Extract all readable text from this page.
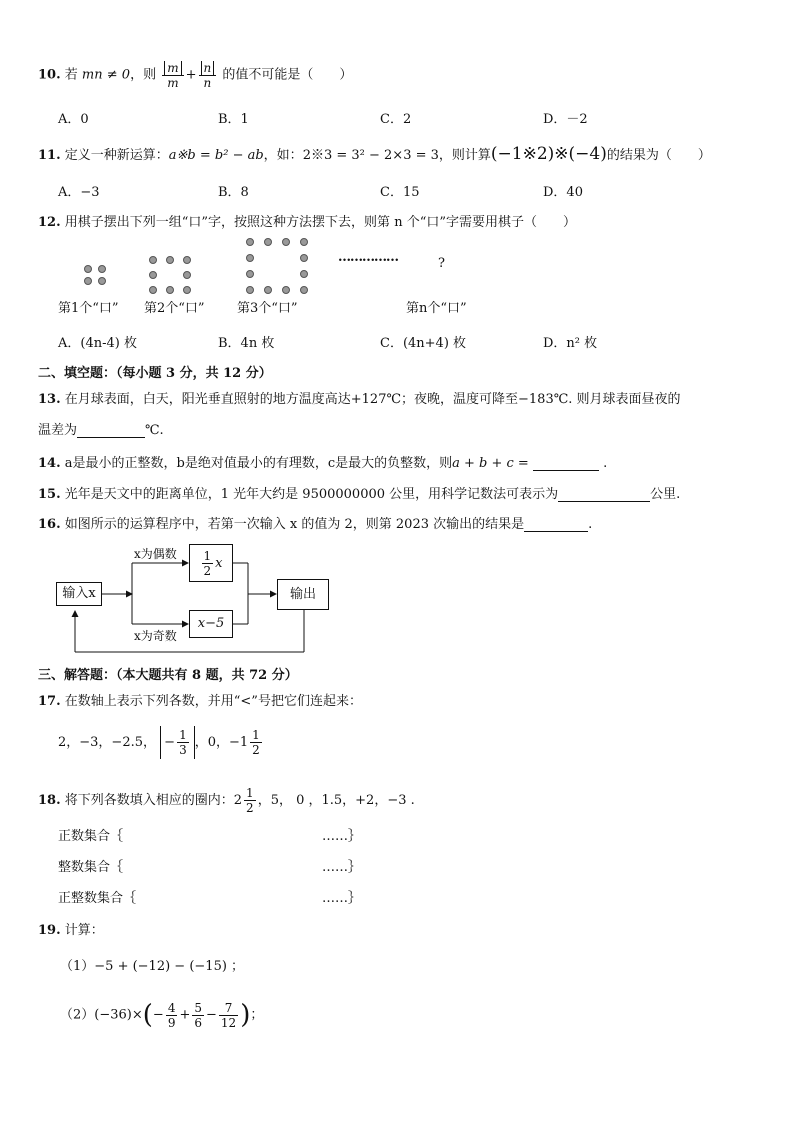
10. 若 mn ≠ 0，则 $\frac{m}{m} + \frac{n}{n}$ 的值不可能是（　　）
A．0	B．1	C．2	D．－2
11. 定义一种新运算：a※b = b² − ab，如：2※3 = 3² − 2×3 = 3，则计算(−1※2)※(−4)的结果为（　　）
A．−3	B．8	C．15	D．40
12. 用棋子摆出下列一组“口”字，按照这种方法摆下去，则第 n 个“口”字需要用棋子（　　）
……………	?
第1个“口” 第2个“口” 第3个“口”	第n个“口”
A．(4n-4) 枚	B．4n 枚	C．(4n+4) 枚	D．n² 枚
二、填空题：（每小题 3 分，共 12 分）
13. 在月球表面，白天，阳光垂直照射的地方温度高达+127℃；夜晚，温度可降至−183℃. 则月球表面昼夜的
温差为	℃.
14. a是最小的正整数，b是绝对值最小的有理数，c是最大的负整数，则a + b + c =	.
15. 光年是天文中的距离单位，1 光年大约是 9500000000 公里，用科学记数法可表示为	公里.
16. 如图所示的运算程序中，若第一次输入 x 的值为 2，则第 2023 次输出的结果是	.
输入x
x为偶数
x为奇数
$\frac{1}{2}$ x
x−5
输出
三、解答题：（本大题共有 8 题，共 72 分）
17. 在数轴上表示下列各数，并用“<”号把它们连起来：
2，−3，−2.5， − $\frac{1}{3}$ ，0，$-1 \frac{1}{2}$
18. 将下列各数填入相应的圈内：$2 \frac{1}{2}$ ，5， 0 ，1.5，+2，−3 .
正数集合｛	……｝
整数集合｛	……｝
正整数集合｛	……｝
19. 计算：
（1）−5 + (−12) − (−15) ；
$(2)(-36)\times(- \frac{4}{9} + \frac{5}{6} - \frac{7}{12}$ )；
